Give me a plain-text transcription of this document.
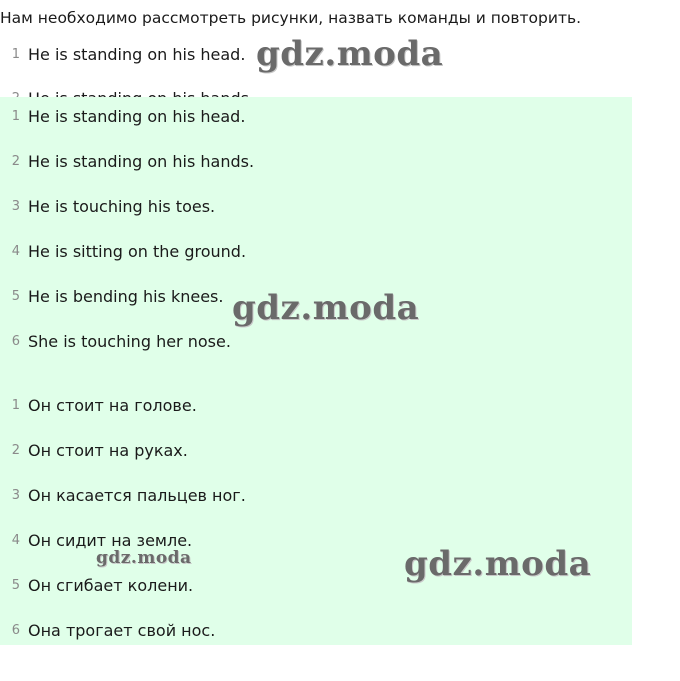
Нам необходимо рассмотреть рисунки, назвать команды и повторить.
1 He is standing on his head.
1 He is standing on his head.
2 He is standing on his hands.
3 He is touching his toes.
4 He is sitting on the ground.
5 He is bending his knees.
6 She is touching her nose.
1 Он стоит на голове.
2 Он стоит на руках.
3 Он касается пальцев ног.
4 Он сидит на земле.
5 Он сгибает колени.
6 Она трогает свой нос.
gdz.moda
gdz.moda
gdz.moda	gdz.moda
